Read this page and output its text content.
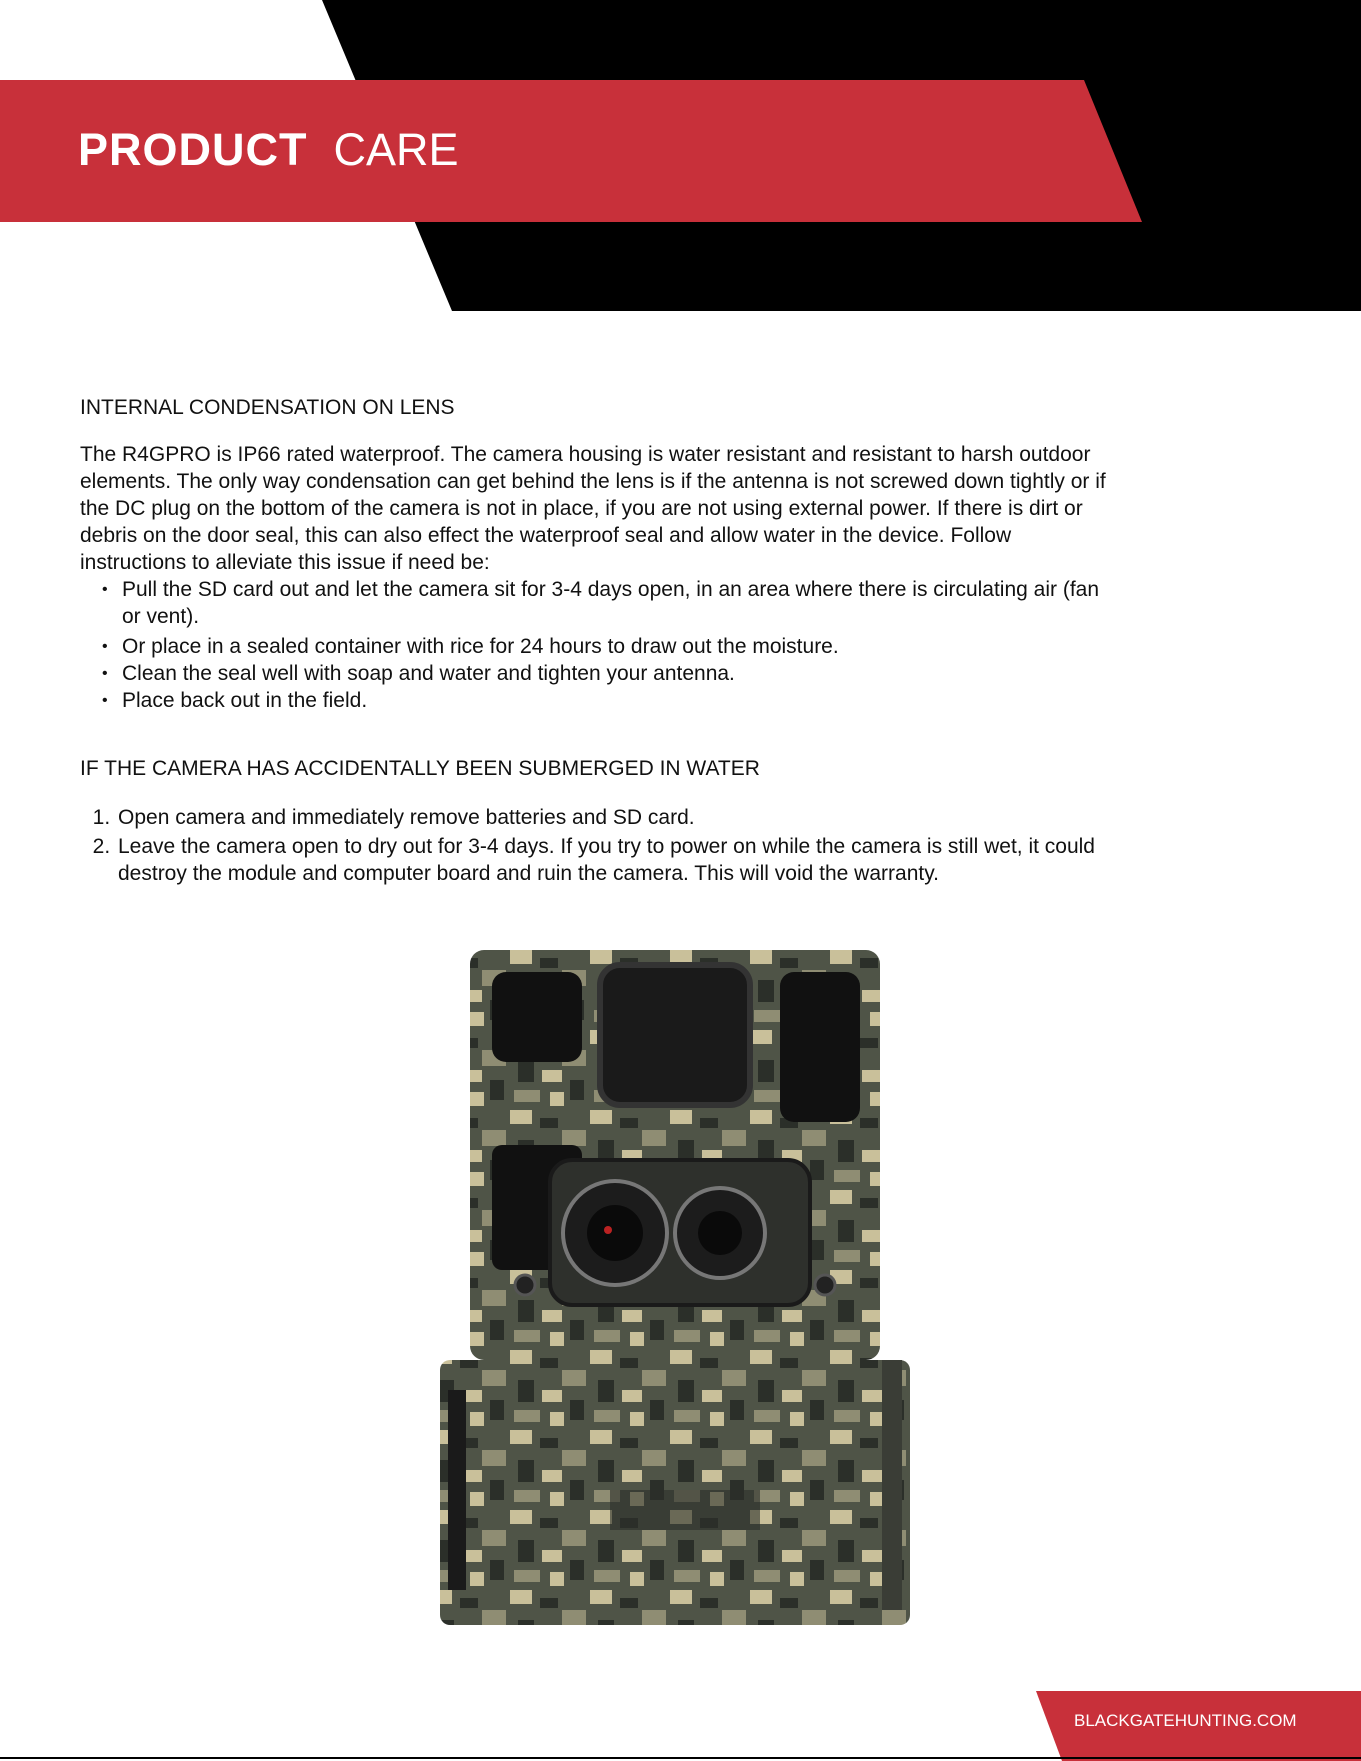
PRODUCT CARE
INTERNAL CONDENSATION ON LENS

The R4GPRO is IP66 rated waterproof. The camera housing is water resistant and resistant to harsh outdoor elements. The only way condensation can get behind the lens is if the antenna is not screwed down tightly or if the DC plug on the bottom of the camera is not in place, if you are not using external power. If there is dirt or debris on the door seal, this can also effect the waterproof seal and allow water in the device. Follow instructions to alleviate this issue if need be:

• Pull the SD card out and let the camera sit for 3-4 days open, in an area where there is circulating air (fan or vent).
• Or place in a sealed container with rice for 24 hours to draw out the moisture.
• Clean the seal well with soap and water and tighten your antenna.
• Place back out in the field.
IF THE CAMERA HAS ACCIDENTALLY BEEN SUBMERGED IN WATER
1. Open camera and immediately remove batteries and SD card.
2. Leave the camera open to dry out for 3-4 days. If you try to power on while the camera is still wet, it could destroy the module and computer board and ruin the camera. This will void the warranty.
BLACKGATEHUNTING.COM
